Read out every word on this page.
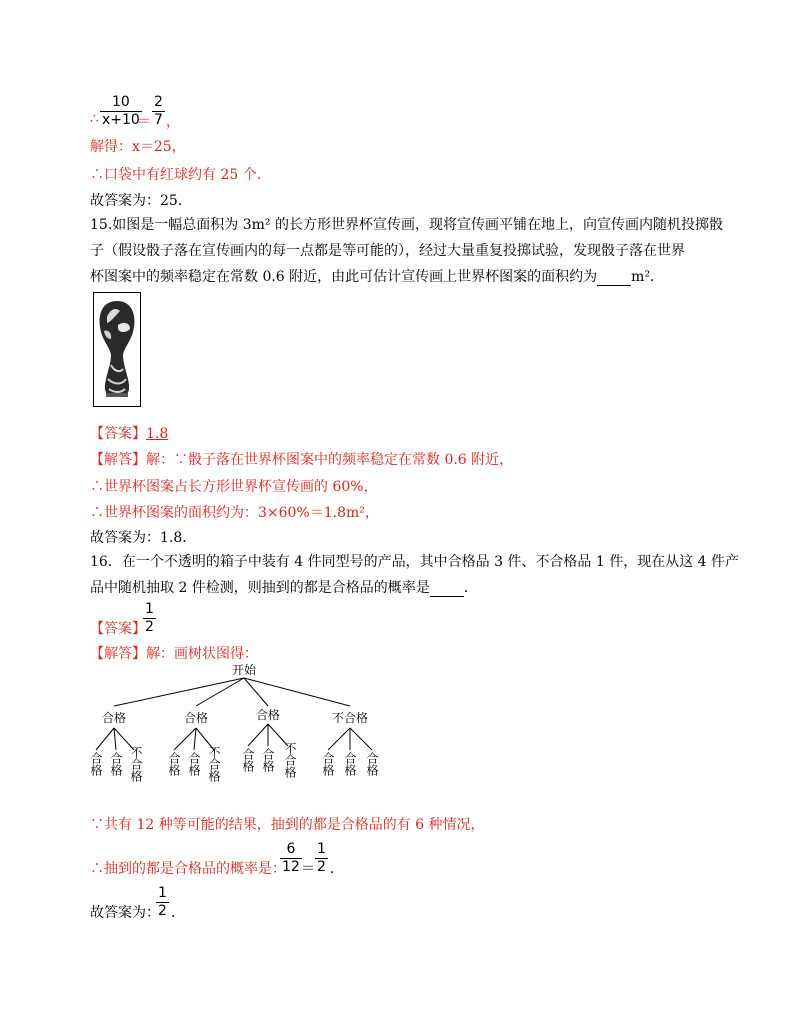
$\frac{10}{x+10}$
∴	＝ $\frac{2}{7}$ ，
解得：x＝25，
∴口袋中有红球约有 25 个．
故答案为：25．
15.如图是一幅总面积为 3m² 的长方形世界杯宣传画，现将宣传画平铺在地上，向宣传画内随机投掷骰
子（假设骰子落在宣传画内的每一点都是等可能的），经过大量重复投掷试验，发现骰子落在世界
杯图案中的频率稳定在常数 0.6 附近，由此可估计宣传画上世界杯图案的面积约为 m²．
【答案】1.8
【解答】解：∵骰子落在世界杯图案中的频率稳定在常数 0.6 附近，
∴世界杯图案占长方形世界杯宣传画的 60%，
∴世界杯图案的面积约为：3×60%＝1.8m²，
故答案为：1.8．
16．在一个不透明的箱子中装有 4 件同型号的产品，其中合格品 3 件、不合格品 1 件，现在从这 4 件产
品中随机抽取 2 件检测，则抽到的都是合格品的概率是 ．
【答案】
$\frac{1}{2}$
【解答】解：画树状图得：
开始
合格	合格	合格	不合格
合格 合格 不合格 合格 合格 不合格 合格 合格 不合格 合格 合格 合格
∵共有 12 种等可能的结果，抽到的都是合格品的有 6 种情况，
∴抽到的都是合格品的概率是：
$\frac{6}{12} = \frac{1}{2}$ ．
故答案为：
$\frac{1}{2}$ ．
